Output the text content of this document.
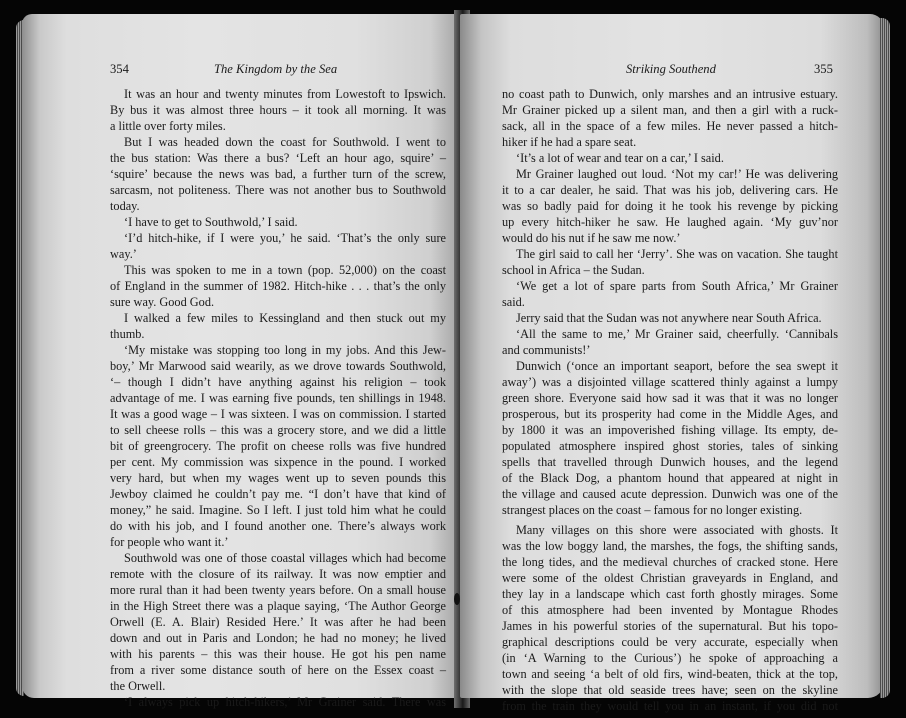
354	The Kingdom by the Sea
It was an hour and twenty minutes from Lowestoft to Ipswich.
By bus it was almost three hours – it took all morning. It was
a little over forty miles.
But I was headed down the coast for Southwold. I went to
the bus station: Was there a bus? ‘Left an hour ago, squire’ –
‘squire’ because the news was bad, a further turn of the screw,
sarcasm, not politeness. There was not another bus to Southwold
today.
‘I have to get to Southwold,’ I said.
‘I’d hitch-hike, if I were you,’ he said. ‘That’s the only sure
way.’
This was spoken to me in a town (pop. 52,000) on the coast
of England in the summer of 1982. Hitch-hike . . . that’s the only
sure way. Good God.
I walked a few miles to Kessingland and then stuck out my
thumb.
‘My mistake was stopping too long in my jobs. And this Jew-
boy,’ Mr Marwood said wearily, as we drove towards Southwold,
‘– though I didn’t have anything against his religion – took
advantage of me. I was earning five pounds, ten shillings in 1948.
It was a good wage – I was sixteen. I was on commission. I started
to sell cheese rolls – this was a grocery store, and we did a little
bit of greengrocery. The profit on cheese rolls was five hundred
per cent. My commission was sixpence in the pound. I worked
very hard, but when my wages went up to seven pounds this
Jewboy claimed he couldn’t pay me. “I don’t have that kind of
money,” he said. Imagine. So I left. I just told him what he could
do with his job, and I found another one. There’s always work
for people who want it.’
Southwold was one of those coastal villages which had become
remote with the closure of its railway. It was now emptier and
more rural than it had been twenty years before. On a small house
in the High Street there was a plaque saying, ‘The Author George
Orwell (E. A. Blair) Resided Here.’ It was after he had been
down and out in Paris and London; he had no money; he lived
with his parents – this was their house. He got his pen name
from a river some distance south of here on the Essex coast –
the Orwell.
‘I always pick up hitch-hikers,’ Mr Grainer said. There was
Striking Southend	355
no coast path to Dunwich, only marshes and an intrusive estuary.
Mr Grainer picked up a silent man, and then a girl with a ruck-
sack, all in the space of a few miles. He never passed a hitch-
hiker if he had a spare seat.
‘It’s a lot of wear and tear on a car,’ I said.
Mr Grainer laughed out loud. ‘Not my car!’ He was delivering
it to a car dealer, he said. That was his job, delivering cars. He
was so badly paid for doing it he took his revenge by picking
up every hitch-hiker he saw. He laughed again. ‘My guv’nor
would do his nut if he saw me now.’
The girl said to call her ‘Jerry’. She was on vacation. She taught
school in Africa – the Sudan.
‘We get a lot of spare parts from South Africa,’ Mr Grainer
said.
Jerry said that the Sudan was not anywhere near South Africa.
‘All the same to me,’ Mr Grainer said, cheerfully. ‘Cannibals
and communists!’
Dunwich (‘once an important seaport, before the sea swept it
away’) was a disjointed village scattered thinly against a lumpy
green shore. Everyone said how sad it was that it was no longer
prosperous, but its prosperity had come in the Middle Ages, and
by 1800 it was an impoverished fishing village. Its empty, de-
populated atmosphere inspired ghost stories, tales of sinking
spells that travelled through Dunwich houses, and the legend
of the Black Dog, a phantom hound that appeared at night in
the village and caused acute depression. Dunwich was one of the
strangest places on the coast – famous for no longer existing.
Many villages on this shore were associated with ghosts. It
was the low boggy land, the marshes, the fogs, the shifting sands,
the long tides, and the medieval churches of cracked stone. Here
were some of the oldest Christian graveyards in England, and
they lay in a landscape which cast forth ghostly mirages. Some
of this atmosphere had been invented by Montague Rhodes
James in his powerful stories of the supernatural. But his topo-
graphical descriptions could be very accurate, especially when
(in ‘A Warning to the Curious’) he spoke of approaching a
town and seeing ‘a belt of old firs, wind-beaten, thick at the top,
with the slope that old seaside trees have; seen on the skyline
from the train they would tell you in an instant, if you did not
